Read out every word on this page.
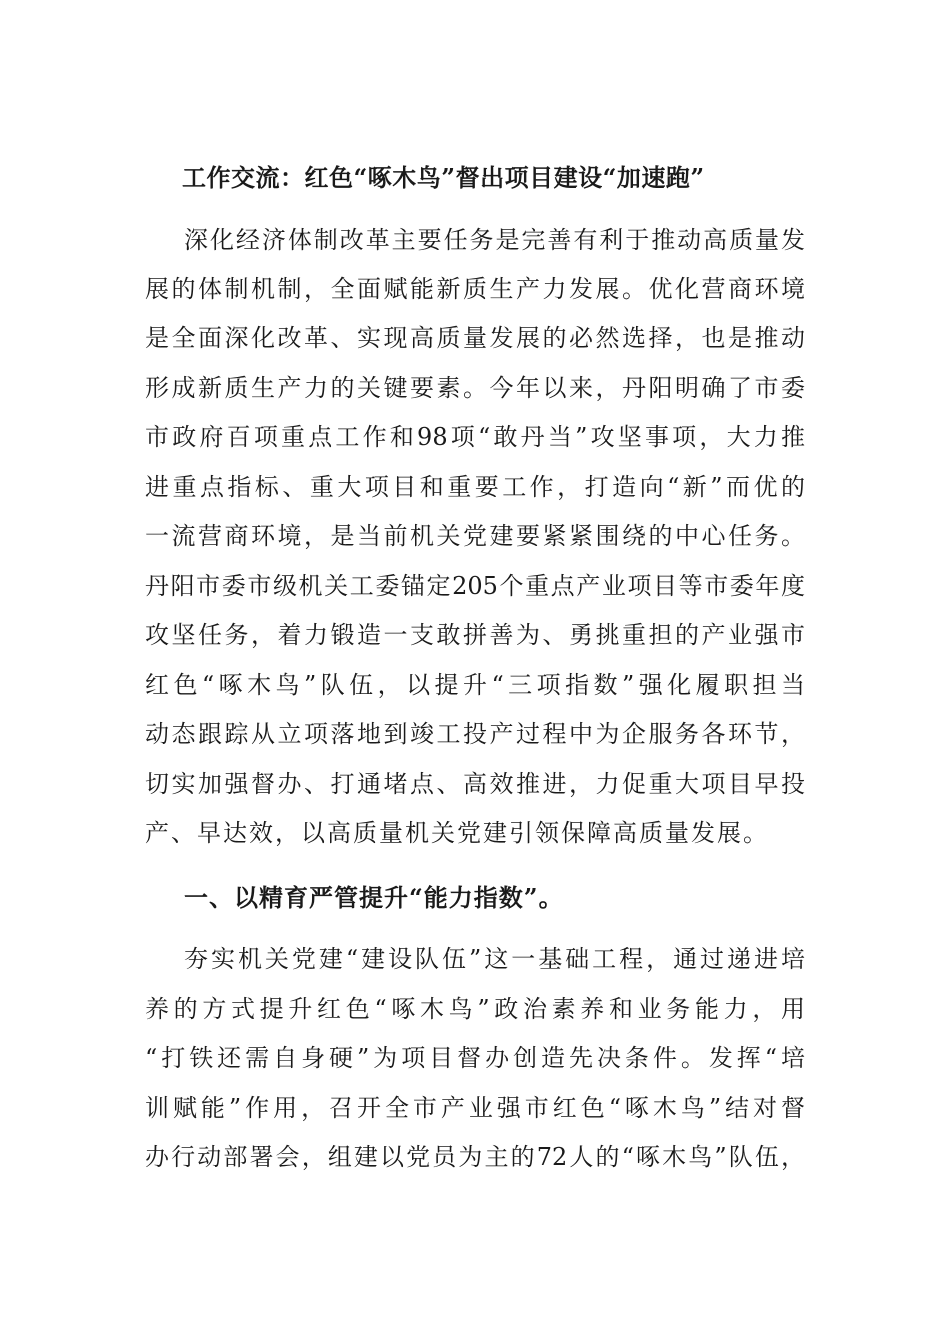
工作交流：红色“啄木鸟”督出项目建设“加速跑”
深化经济体制改革主要任务是完善有利于推动高质量发
展的体制机制，全面赋能新质生产力发展。优化营商环境
是全面深化改革、实现高质量发展的必然选择，也是推动
形成新质生产力的关键要素。今年以来，丹阳明确了市委
市政府百项重点工作和98项“敢丹当”攻坚事项，大力推
进重点指标、重大项目和重要工作，打造向“新”而优的
一流营商环境，是当前机关党建要紧紧围绕的中心任务。
丹阳市委市级机关工委锚定205个重点产业项目等市委年度
攻坚任务，着力锻造一支敢拼善为、勇挑重担的产业强市
红色“啄木鸟”队伍，以提升“三项指数”强化履职担当
动态跟踪从立项落地到竣工投产过程中为企服务各环节，
切实加强督办、打通堵点、高效推进，力促重大项目早投
产、早达效，以高质量机关党建引领保障高质量发展。
一、以精育严管提升“能力指数”。
夯实机关党建“建设队伍”这一基础工程，通过递进培
养的方式提升红色“啄木鸟”政治素养和业务能力，用
“打铁还需自身硬”为项目督办创造先决条件。发挥“培
训赋能”作用，召开全市产业强市红色“啄木鸟”结对督
办行动部署会，组建以党员为主的72人的“啄木鸟”队伍，
